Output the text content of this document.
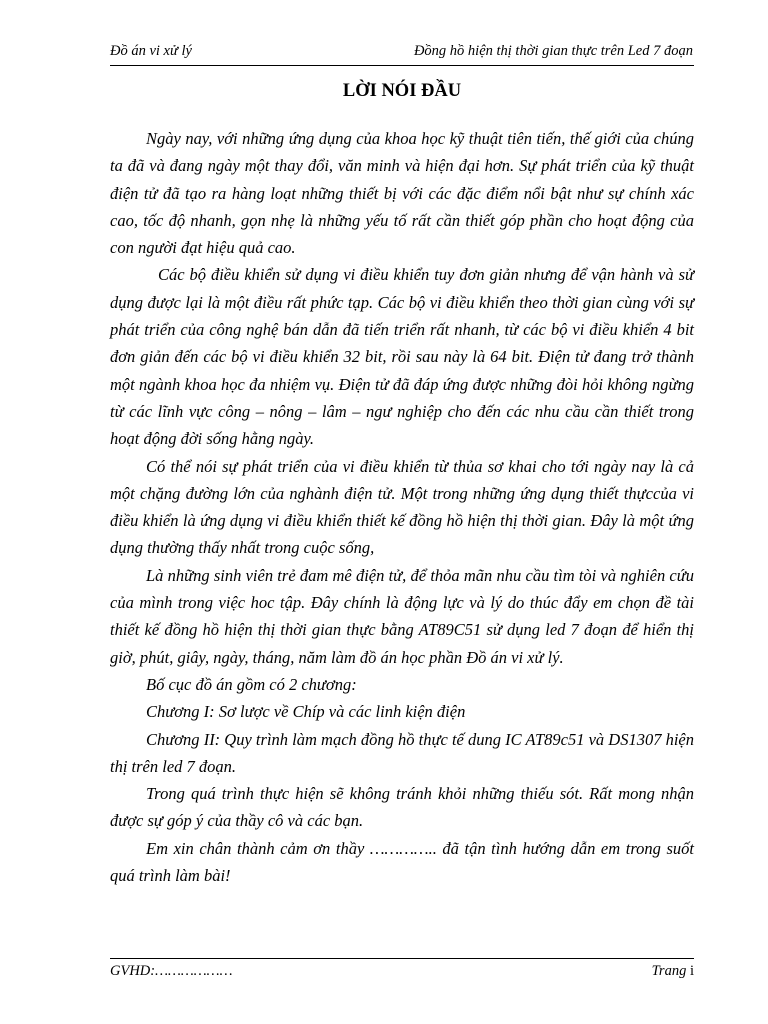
Đồ án vi xử lý	Đồng hồ hiện thị thời gian thực trên Led 7 đoạn
LỜI NÓI ĐẦU

Ngày nay, với những ứng dụng của khoa học kỹ thuật tiên tiến, thế giới của chúng ta đã và đang ngày một thay đổi, văn minh và hiện đại hơn. Sự phát triển của kỹ thuật điện tử đã tạo ra hàng loạt những thiết bị với các đặc điểm nổi bật như sự chính xác cao, tốc độ nhanh, gọn nhẹ là những yếu tố rất cần thiết góp phần cho hoạt động của con người đạt hiệu quả cao.

Các bộ điều khiển sử dụng vi điều khiển tuy đơn giản nhưng để vận hành và sử dụng được lại là một điều rất phức tạp. Các bộ vi điều khiển theo thời gian cùng với sự phát triển của công nghệ bán dẫn đã tiến triển rất nhanh, từ các bộ vi điều khiển 4 bit đơn giản đến các bộ vi điều khiển 32 bit, rồi sau này là 64 bit. Điện tử đang trở thành một ngành khoa học đa nhiệm vụ. Điện tử đã đáp ứng được những đòi hỏi không ngừng từ các lĩnh vực công – nông – lâm – ngư nghiệp cho đến các nhu cầu cần thiết trong hoạt động đời sống hằng ngày.

Có thể nói sự phát triển của vi điều khiển từ thủa sơ khai cho tới ngày nay là cả một chặng đường lớn của nghành điện tử. Một trong những ứng dụng thiết thựccủa vi điều khiển là ứng dụng vi điều khiển thiết kế đồng hồ hiện thị thời gian. Đây là một ứng dụng thường thấy nhất trong cuộc sống,

Là những sinh viên trẻ đam mê điện tử, để thỏa mãn nhu cầu tìm tòi và nghiên cứu của mình trong việc hoc tập. Đây chính là động lực và lý do thúc đẩy em chọn đề tài thiết kế đồng hồ hiện thị thời gian thực bằng AT89C51 sử dụng led 7 đoạn để hiển thị giờ, phút, giây, ngày, tháng, năm làm đồ án học phần Đồ án vi xử lý.

Bố cục đồ án gồm có 2 chương:

Chương I: Sơ lược về Chíp và các linh kiện điện

Chương II: Quy trình làm mạch đồng hồ thực tế dung IC AT89c51 và DS1307 hiện thị trên led 7 đoạn.

Trong quá trình thực hiện sẽ không tránh khỏi những thiếu sót. Rất mong nhận được sự góp ý của thầy cô và các bạn.

Em xin chân thành cảm ơn thầy ………….. đã tận tình hướng dẫn em trong suốt quá trình làm bài!

GVHD:………………	Trang i
